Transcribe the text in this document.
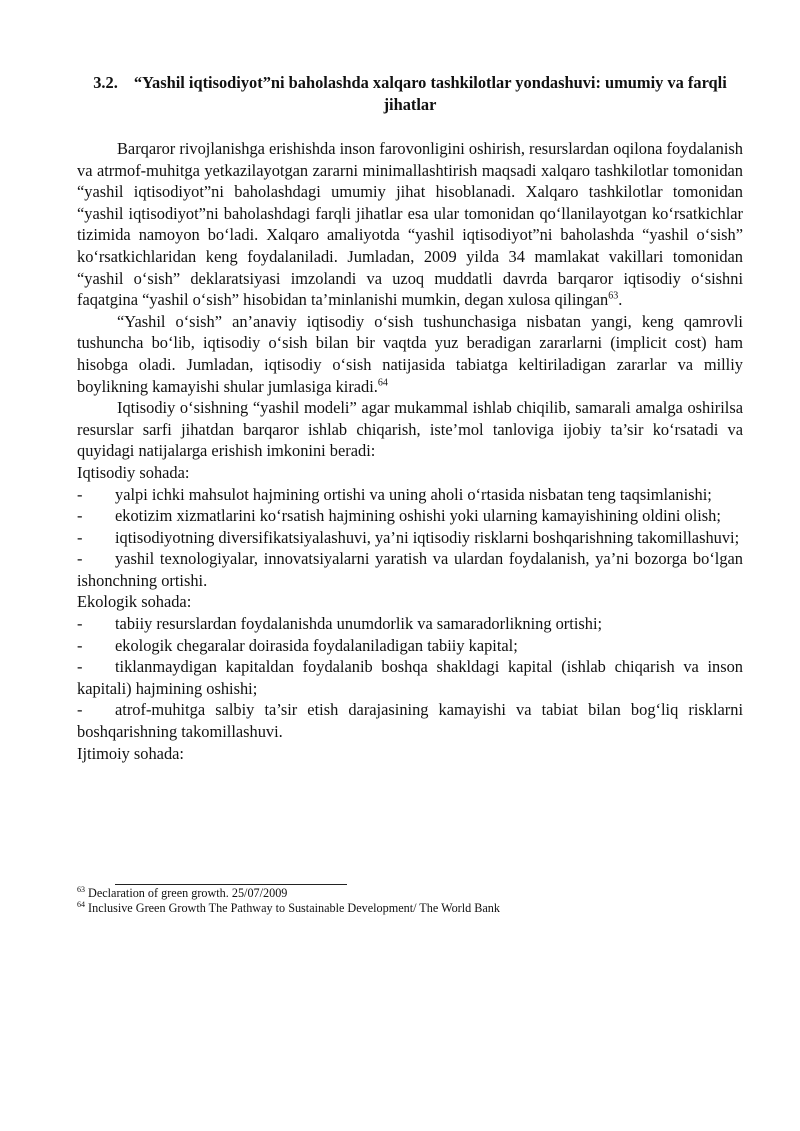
3.2. “Yashil iqtisodiyot”ni baholashda xalqaro tashkilotlar yondashuvi: umumiy va farqli jihatlar

Barqaror rivojlanishga erishishda inson farovonligini oshirish, resurslardan oqilona foydalanish va atrmof-muhitga yetkazilayotgan zararni minimallashtirish maqsadi xalqaro tashkilotlar tomonidan “yashil iqtisodiyot”ni baholashdagi umumiy jihat hisoblanadi. Xalqaro tashkilotlar tomonidan “yashil iqtisodiyot”ni baholashdagi farqli jihatlar esa ular tomonidan qo‘llanilayotgan ko‘rsatkichlar tizimida namoyon bo‘ladi. Xalqaro amaliyotda “yashil iqtisodiyot”ni baholashda “yashil o‘sish” ko‘rsatkichlaridan keng foydalaniladi. Jumladan, 2009 yilda 34 mamlakat vakillari tomonidan “yashil o‘sish” deklaratsiyasi imzolandi va uzoq muddatli davrda barqaror iqtisodiy o‘sishni faqatgina “yashil o‘sish” hisobidan ta’minlanishi mumkin, degan xulosa qilingan$^{63}$.

“Yashil o‘sish” an’anaviy iqtisodiy o‘sish tushunchasiga nisbatan yangi, keng qamrovli tushuncha bo‘lib, iqtisodiy o‘sish bilan bir vaqtda yuz beradigan zararlarni (implicit cost) ham hisobga oladi. Jumladan, iqtisodiy o‘sish natijasida tabiatga keltiriladigan zararlar va milliy boylikning kamayishi shular jumlasiga kiradi.$^{64}$

Iqtisodiy o‘sishning “yashil modeli” agar mukammal ishlab chiqilib, samarali amalga oshirilsa resurslar sarfi jihatdan barqaror ishlab chiqarish, iste’mol tanloviga ijobiy ta’sir ko‘rsatadi va quyidagi natijalarga erishish imkonini beradi:

Iqtisodiy sohada:

- yalpi ichki mahsulot hajmining ortishi va uning aholi o‘rtasida nisbatan teng taqsimlanishi;
- ekotizim xizmatlarini ko‘rsatish hajmining oshishi yoki ularning kamayishining oldini olish;
- iqtisodiyotning diversifikatsiyalashuvi, ya’ni iqtisodiy risklarni boshqarishning takomillashuvi;
- yashil texnologiyalar, innovatsiyalarni yaratish va ulardan foydalanish, ya’ni bozorga bo‘lgan ishonchning ortishi.

Ekologik sohada:

- tabiiy resurslardan foydalanishda unumdorlik va samaradorlikning ortishi;
- ekologik chegaralar doirasida foydalaniladigan tabiiy kapital;
- tiklanmaydigan kapitaldan foydalanib boshqa shakldagi kapital (ishlab chiqarish va inson kapitali) hajmining oshishi;
- atrof-muhitga salbiy ta’sir etish darajasining kamayishi va tabiat bilan bog‘liq risklarni boshqarishning takomillashuvi.

Ijtimoiy sohada:

$^{63}$ Declaration of green growth. 25/07/2009
$^{64}$ Inclusive Green Growth The Pathway to Sustainable Development/ The World Bank
